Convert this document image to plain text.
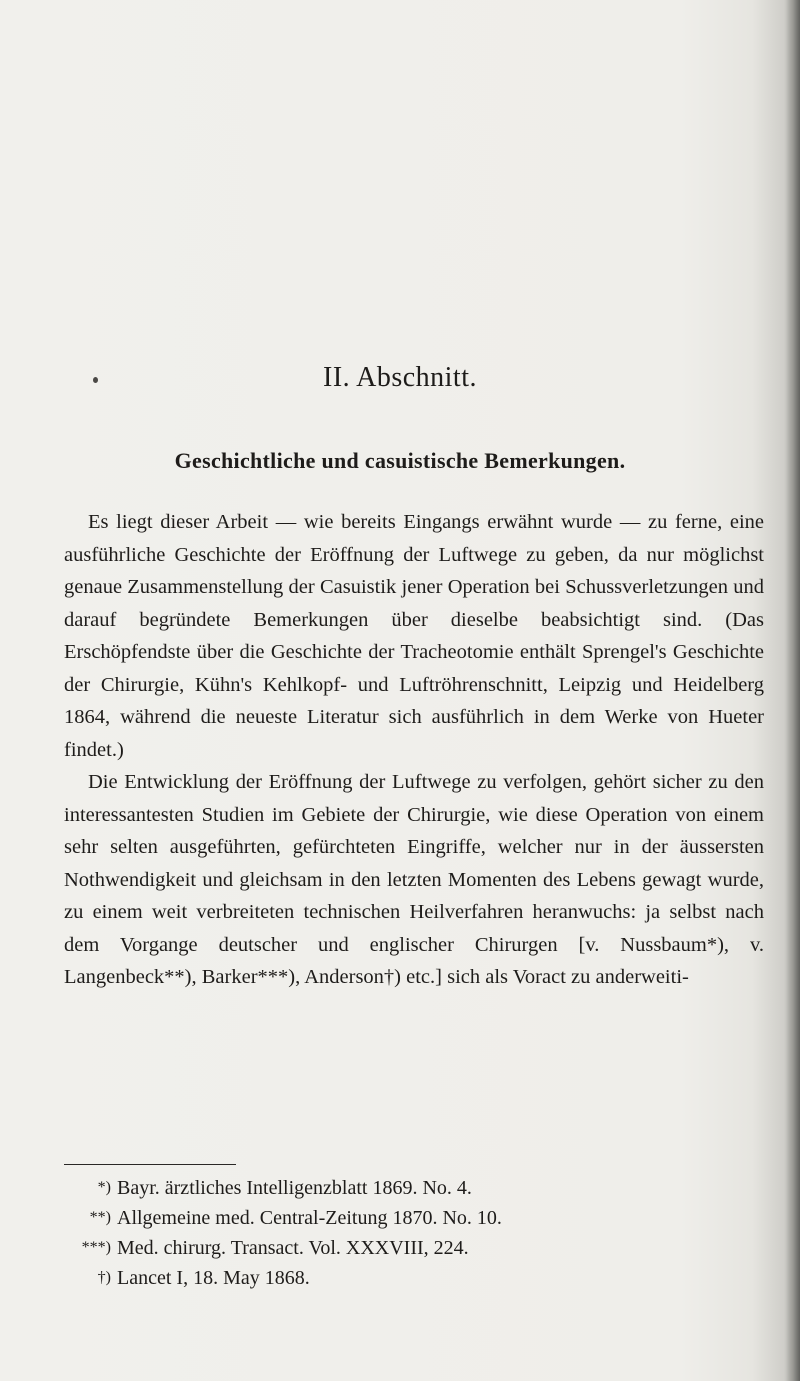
II. Abschnitt.
Geschichtliche und casuistische Bemerkungen.

Es liegt dieser Arbeit — wie bereits Eingangs erwähnt wurde — zu ferne, eine ausführliche Geschichte der Eröffnung der Luftwege zu geben, da nur möglichst genaue Zusammenstellung der Casuistik jener Operation bei Schussverletzungen und darauf begründete Bemerkungen über dieselbe beabsichtigt sind. (Das Erschöpfendste über die Geschichte der Tracheotomie enthält Sprengel's Geschichte der Chirurgie, Kühn's Kehlkopf- und Luftröhrenschnitt, Leipzig und Heidelberg 1864, während die neueste Literatur sich ausführlich in dem Werke von Hueter findet.)

Die Entwicklung der Eröffnung der Luftwege zu verfolgen, gehört sicher zu den interessantesten Studien im Gebiete der Chirurgie, wie diese Operation von einem sehr selten ausgeführten, gefürchteten Eingriffe, welcher nur in der äussersten Nothwendigkeit und gleichsam in den letzten Momenten des Lebens gewagt wurde, zu einem weit verbreiteten technischen Heilverfahren heranwuchs: ja selbst nach dem Vorgange deutscher und englischer Chirurgen [v. Nussbaum*), v. Langenbeck**), Barker***), Anderson†) etc.] sich als Voract zu anderweiti-

*) Bayr. ärztliches Intelligenzblatt 1869. No. 4.
**) Allgemeine med. Central-Zeitung 1870. No. 10.
***) Med. chirurg. Transact. Vol. XXXVIII, 224.
†) Lancet I, 18. May 1868.
